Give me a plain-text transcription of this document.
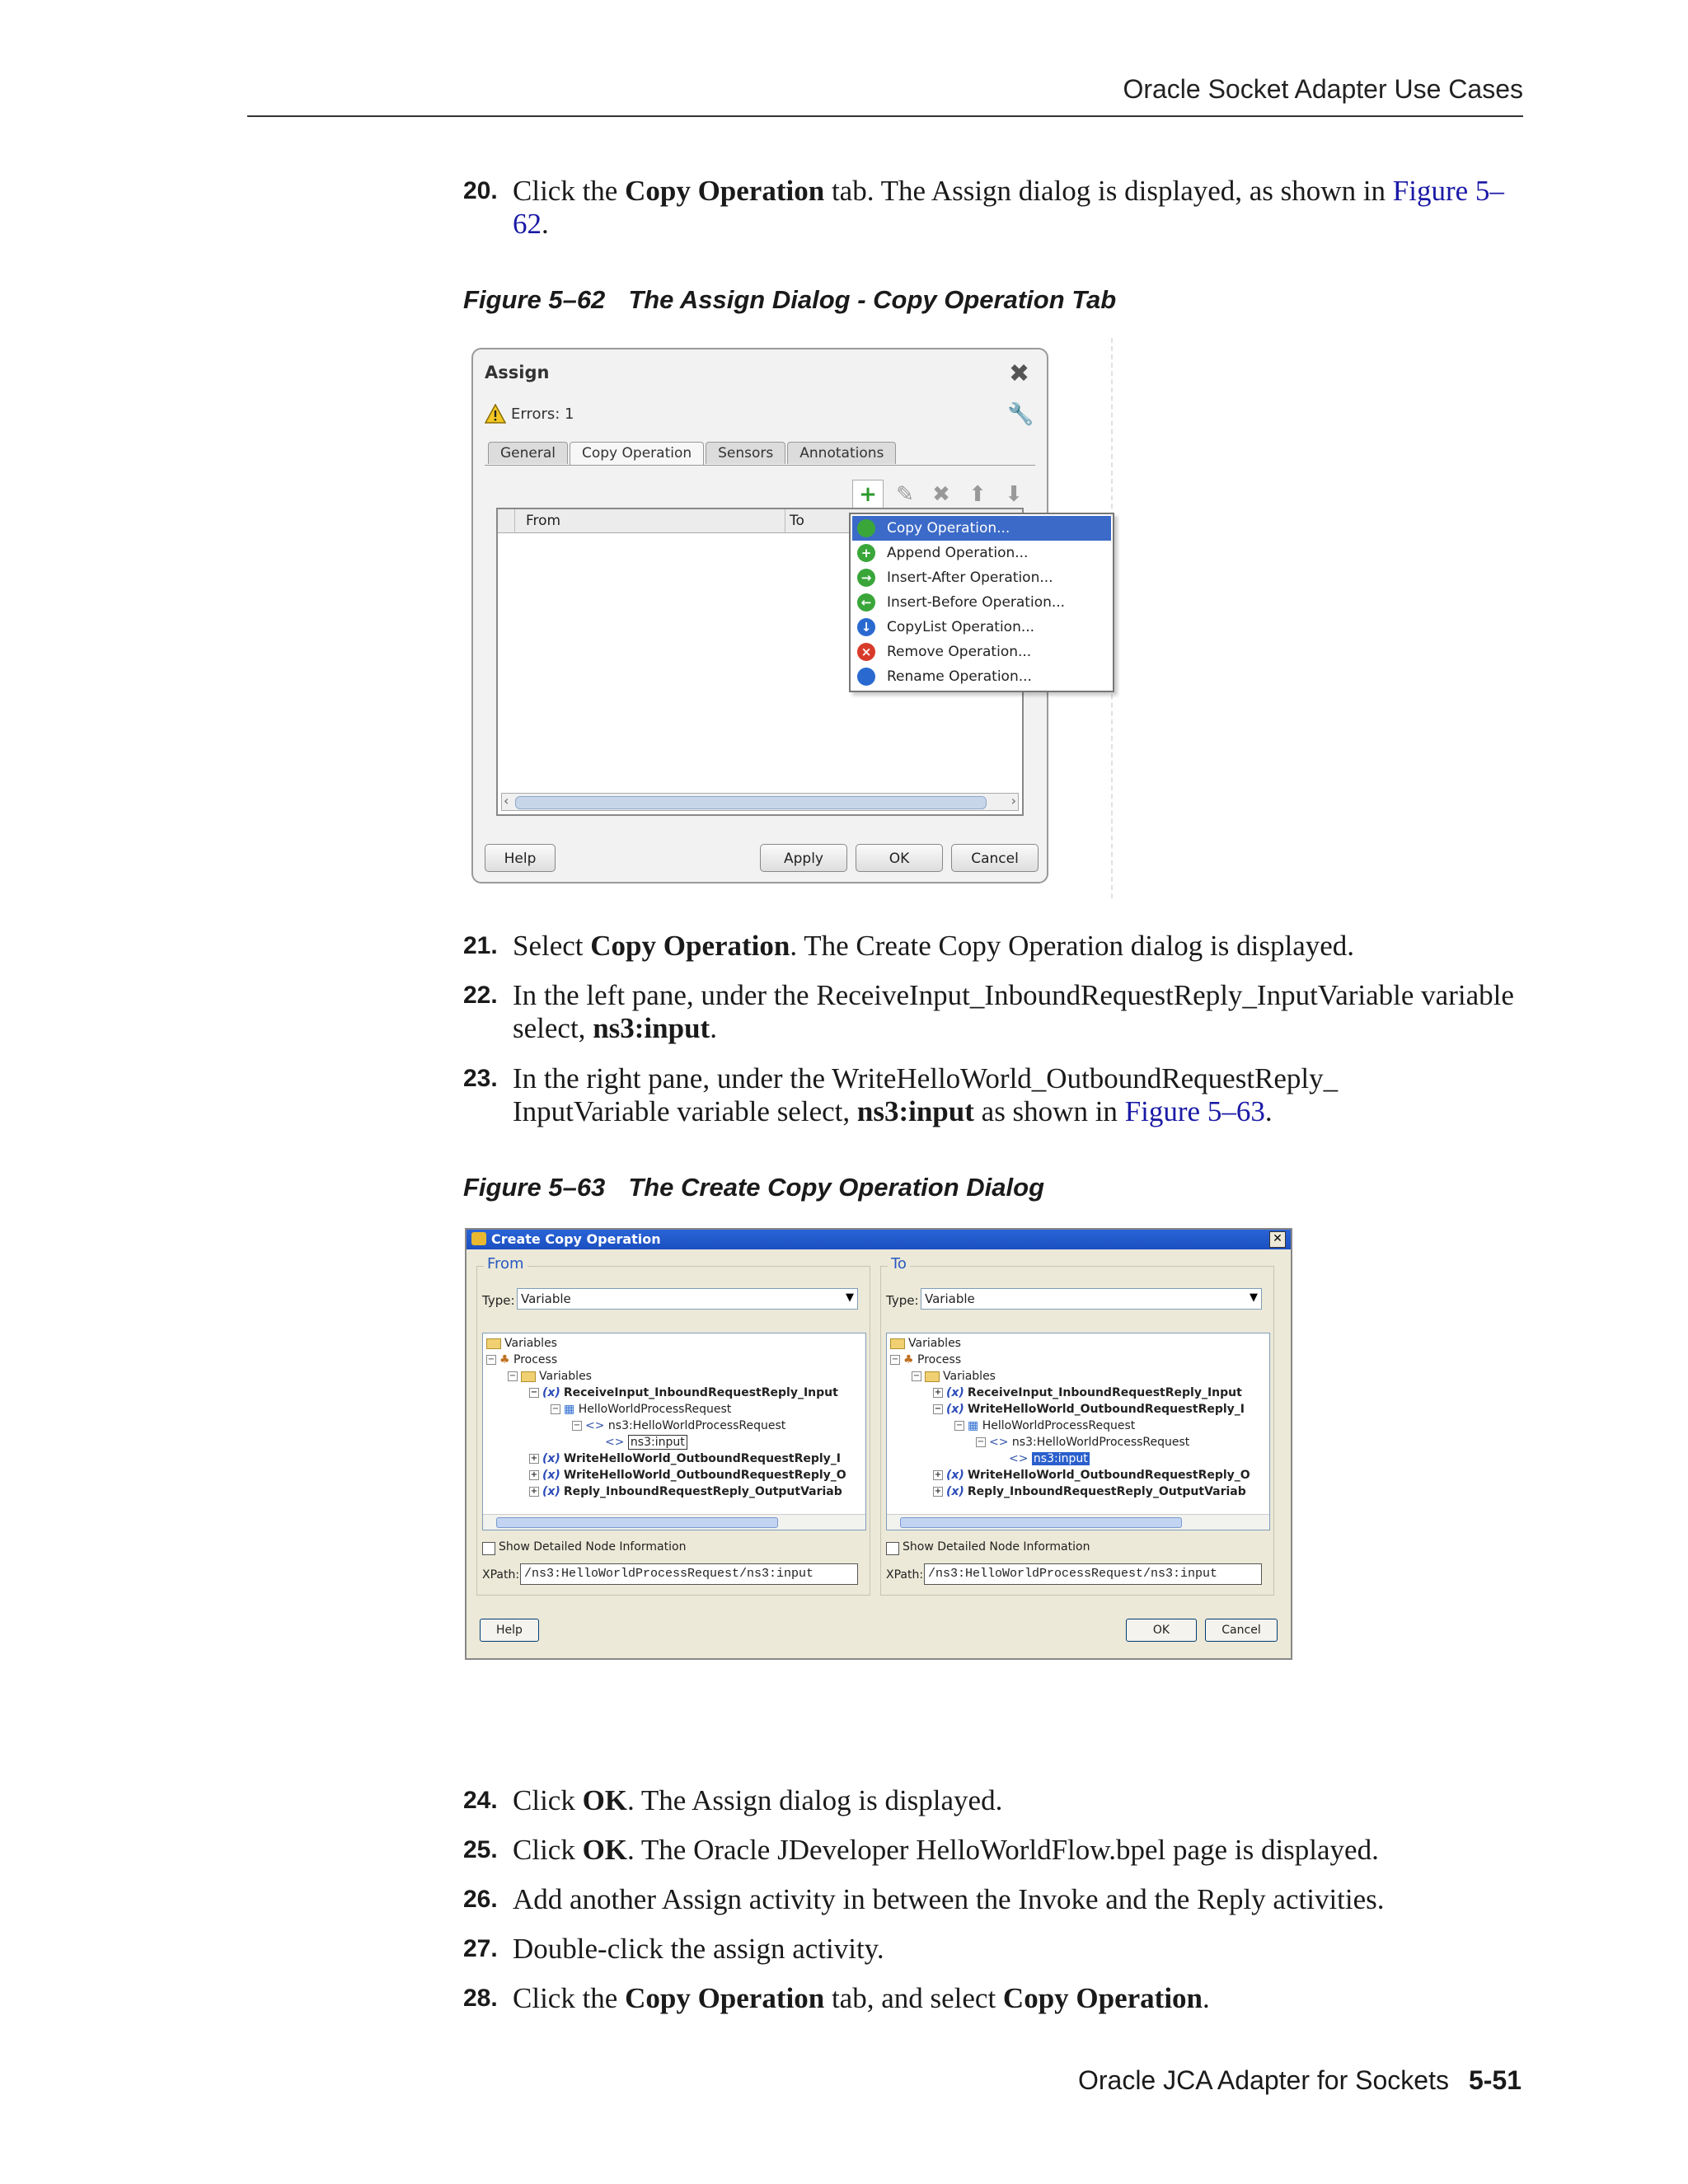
Oracle Socket Adapter Use Cases
20. Click the Copy Operation tab. The Assign dialog is displayed, as shown in Figure 5–62.
Figure 5–62 The Assign Dialog - Copy Operation Tab
Assign	✖
Errors: 1	🔧
General	Copy Operation	Sensors	Annotations
+ ✎ ✖ ⬆ ⬇
From	To
‹	›
Help	Apply	OK	Cancel
Copy Operation...
+ Append Operation...
→ Insert-After Operation...
← Insert-Before Operation...
↓ CopyList Operation...
× Remove Operation...
Rename Operation...
21. Select Copy Operation. The Create Copy Operation dialog is displayed.
22. In the left pane, under the ReceiveInput_InboundRequestReply_InputVariable variable select, ns3:input.
23. In the right pane, under the WriteHelloWorld_OutboundRequestReply_ InputVariable variable select, ns3:input as shown in Figure 5–63.
Figure 5–63 The Create Copy Operation Dialog
Create Copy Operation	✕
From
Type: Variable	▼
Variables
− ♣ Process
− Variables
− (x) ReceiveInput_InboundRequestReply_Input
− ▦ HelloWorldProcessRequest
− <> ns3:HelloWorldProcessRequest
<> ns3:input
+ (x) WriteHelloWorld_OutboundRequestReply_I
+ (x) WriteHelloWorld_OutboundRequestReply_O
+ (x) Reply_InboundRequestReply_OutputVariab
Show Detailed Node Information
XPath: /ns3:HelloWorldProcessRequest/ns3:input
To
Type: Variable	▼
Variables
− ♣ Process
− Variables
+ (x) ReceiveInput_InboundRequestReply_Input
− (x) WriteHelloWorld_OutboundRequestReply_I
− ▦ HelloWorldProcessRequest
− <> ns3:HelloWorldProcessRequest
<> ns3:input
+ (x) WriteHelloWorld_OutboundRequestReply_O
+ (x) Reply_InboundRequestReply_OutputVariab
Show Detailed Node Information
XPath: /ns3:HelloWorldProcessRequest/ns3:input
Help	OK	Cancel
24. Click OK. The Assign dialog is displayed.
25. Click OK. The Oracle JDeveloper HelloWorldFlow.bpel page is displayed.
26. Add another Assign activity in between the Invoke and the Reply activities.
27. Double-click the assign activity.
28. Click the Copy Operation tab, and select Copy Operation.
Oracle JCA Adapter for Sockets 5-51
